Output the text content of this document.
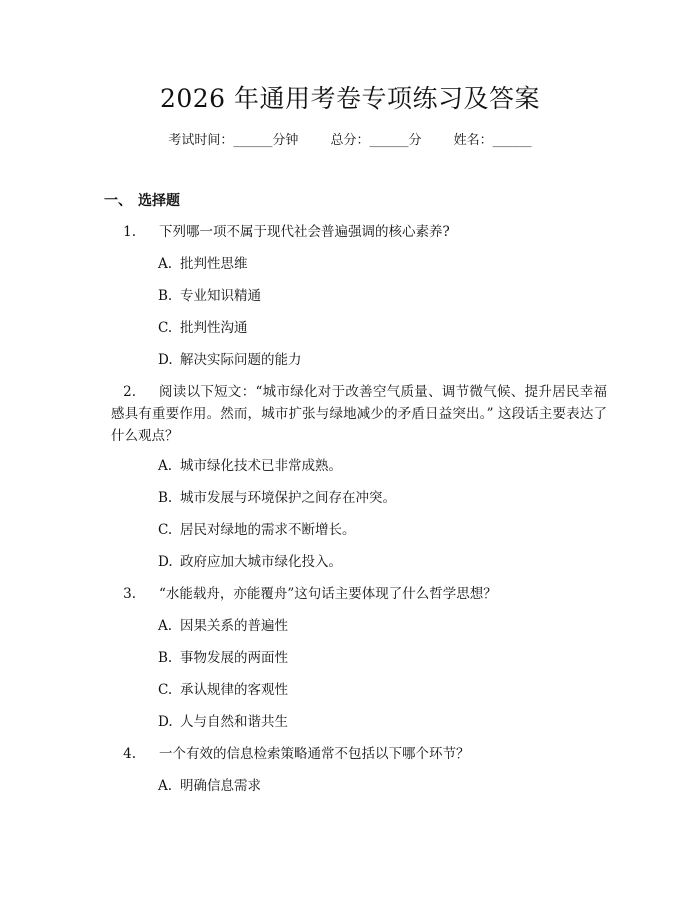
2026 年通用考卷专项练习及答案
考试时间：______分钟 总分：______分 姓名：______
一、 选择题
1.	下列哪一项不属于现代社会普遍强调的核心素养?
A. 批判性思维
B. 专业知识精通
C. 批判性沟通
D. 解决实际问题的能力
2.	阅读以下短文：“城市绿化对于改善空气质量、调节微气候、提升居民幸福感具有重要作用。然而，城市扩张与绿地减少的矛盾日益突出。” 这段话主要表达了什么观点？
A. 城市绿化技术已非常成熟。
B. 城市发展与环境保护之间存在冲突。
C. 居民对绿地的需求不断增长。
D. 政府应加大城市绿化投入。
3.	“水能载舟，亦能覆舟”这句话主要体现了什么哲学思想？
A. 因果关系的普遍性
B. 事物发展的两面性
C. 承认规律的客观性
D. 人与自然和谐共生
4.	一个有效的信息检索策略通常不包括以下哪个环节？
A. 明确信息需求
